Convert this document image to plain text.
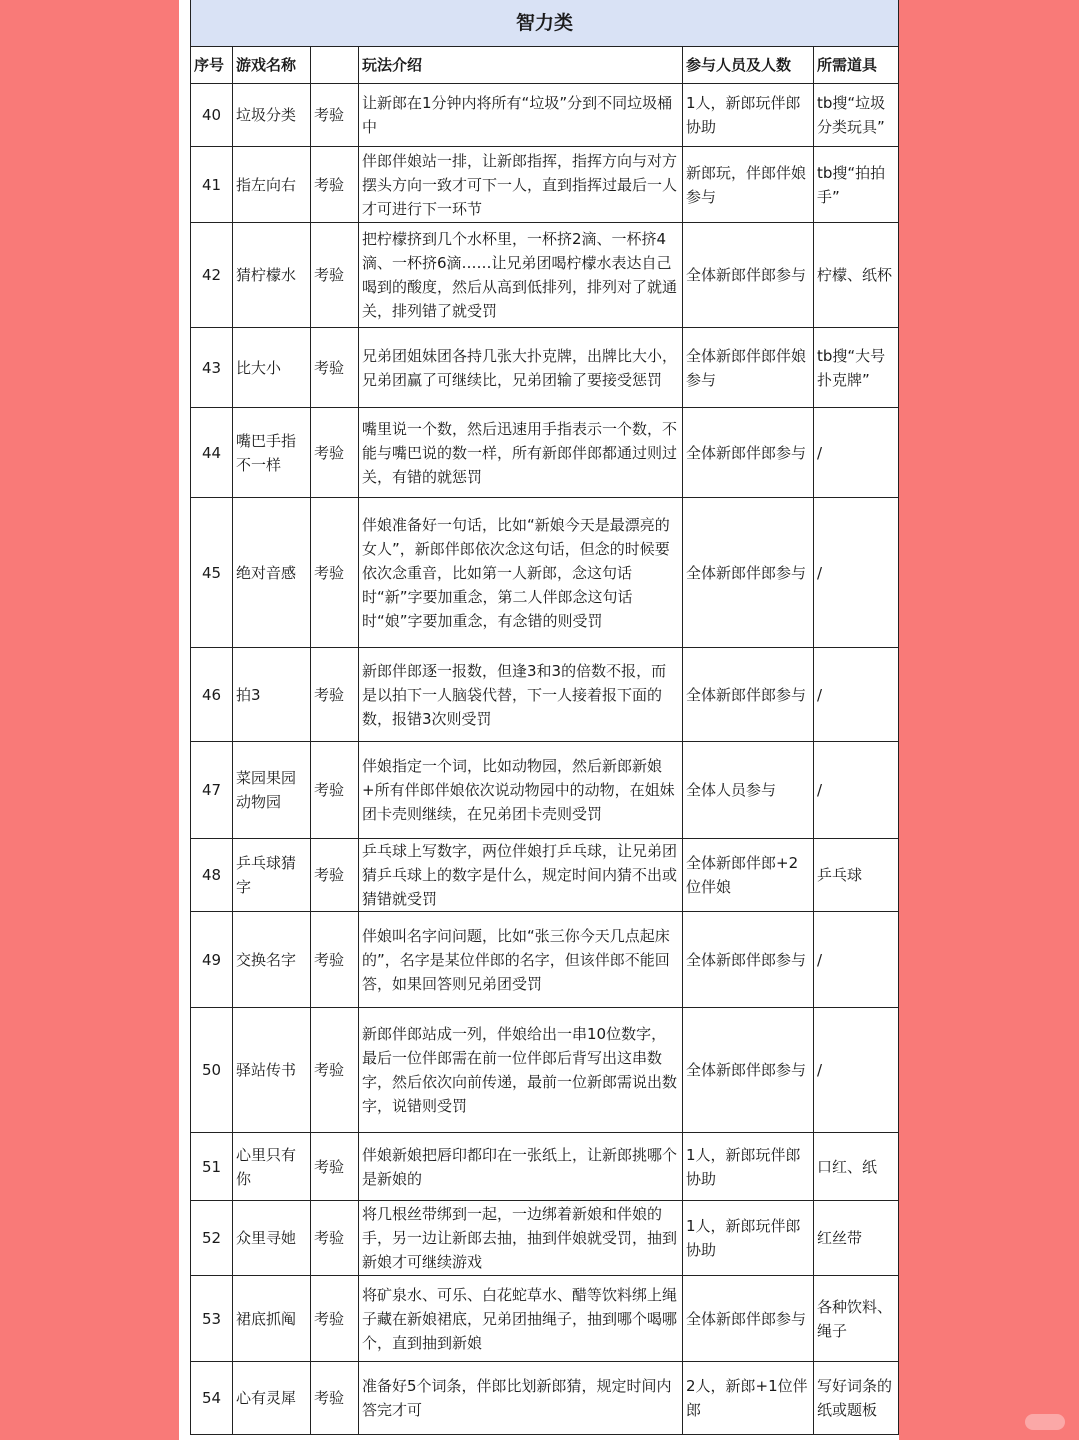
智力类					
序号	游戏名称		玩法介绍	参与人员及人数	所需道具
40	垃圾分类	考验	让新郎在1分钟内将所有“垃圾”分到不同垃圾桶中	1人，新郎玩伴郎协助	tb搜“垃圾分类玩具”
41	指左向右	考验	伴郎伴娘站一排，让新郎指挥，指挥方向与对方摆头方向一致才可下一人，直到指挥过最后一人才可进行下一环节	新郎玩，伴郎伴娘参与	tb搜“拍拍手”
42	猜柠檬水	考验	把柠檬挤到几个水杯里，一杯挤2滴、一杯挤4滴、一杯挤6滴……让兄弟团喝柠檬水表达自己喝到的酸度，然后从高到低排列，排列对了就通关，排列错了就受罚	全体新郎伴郎参与	柠檬、纸杯
43	比大小	考验	兄弟团姐妹团各持几张大扑克牌，出牌比大小，兄弟团赢了可继续比，兄弟团输了要接受惩罚	全体新郎伴郎伴娘参与	tb搜“大号扑克牌”
44	嘴巴手指不一样	考验	嘴里说一个数，然后迅速用手指表示一个数，不能与嘴巴说的数一样，所有新郎伴郎都通过则过关，有错的就惩罚	全体新郎伴郎参与	/
45	绝对音感	考验	伴娘准备好一句话，比如“新娘今天是最漂亮的女人”，新郎伴郎依次念这句话，但念的时候要依次念重音，比如第一人新郎，念这句话时“新”字要加重念，第二人伴郎念这句话时“娘”字要加重念，有念错的则受罚	全体新郎伴郎参与	/
46	拍3	考验	新郎伴郎逐一报数，但逢3和3的倍数不报，而是以拍下一人脑袋代替，下一人接着报下面的数，报错3次则受罚	全体新郎伴郎参与	/
47	菜园果园动物园	考验	伴娘指定一个词，比如动物园，然后新郎新娘+所有伴郎伴娘依次说动物园中的动物，在姐妹团卡壳则继续，在兄弟团卡壳则受罚	全体人员参与	/
48	乒乓球猜字	考验	乒乓球上写数字，两位伴娘打乒乓球，让兄弟团猜乒乓球上的数字是什么，规定时间内猜不出或猜错就受罚	全体新郎伴郎+2位伴娘	乒乓球
49	交换名字	考验	伴娘叫名字问问题，比如“张三你今天几点起床的”，名字是某位伴郎的名字，但该伴郎不能回答，如果回答则兄弟团受罚	全体新郎伴郎参与	/
50	驿站传书	考验	新郎伴郎站成一列，伴娘给出一串10位数字，最后一位伴郎需在前一位伴郎后背写出这串数字，然后依次向前传递，最前一位新郎需说出数字，说错则受罚	全体新郎伴郎参与	/
51	心里只有你	考验	伴娘新娘把唇印都印在一张纸上，让新郎挑哪个是新娘的	1人，新郎玩伴郎协助	口红、纸
52	众里寻她	考验	将几根丝带绑到一起，一边绑着新娘和伴娘的手，另一边让新郎去抽，抽到伴娘就受罚，抽到新娘才可继续游戏	1人，新郎玩伴郎协助	红丝带
53	裙底抓阄	考验	将矿泉水、可乐、白花蛇草水、醋等饮料绑上绳子藏在新娘裙底，兄弟团抽绳子，抽到哪个喝哪个，直到抽到新娘	全体新郎伴郎参与	各种饮料、绳子
54	心有灵犀	考验	准备好5个词条，伴郎比划新郎猜，规定时间内答完才可	2人，新郎+1位伴郎	写好词条的纸或题板
